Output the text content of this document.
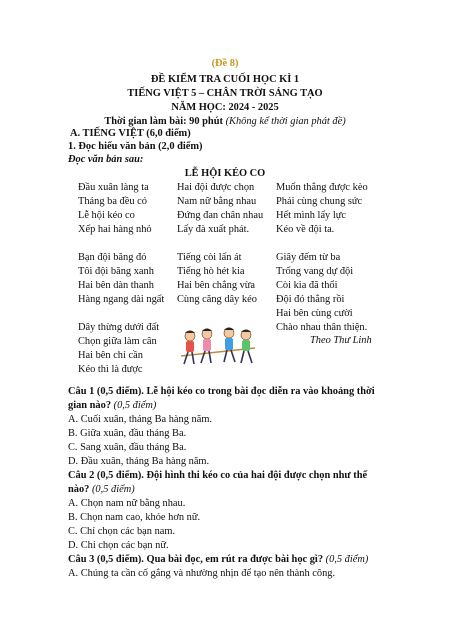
(Đề 8)
ĐỀ KIỂM TRA CUỐI HỌC KÌ 1
TIẾNG VIỆT 5 – CHÂN TRỜI SÁNG TẠO
NĂM HỌC: 2024 - 2025
Thời gian làm bài: 90 phút (Không kể thời gian phát đề)
A. TIẾNG VIỆT (6,0 điểm)
1. Đọc hiểu văn bản (2,0 điểm)
Đọc văn bản sau:
LỄ HỘI KÉO CO
Đầu xuân làng ta
Tháng ba đều có
Lễ hội kéo co
Xếp hai hàng nhỏ
Hai đội được chọn
Nam nữ bằng nhau
Đứng đan chân nhau
Lấy đà xuất phát.
Muốn thắng được kèo
Phải cùng chung sức
Hết mình lấy lực
Kéo về đội ta.
Bạn đội băng đỏ
Tôi đội băng xanh
Hai bên dàn thanh
Hàng ngang dài ngất
Tiếng còi lấn át
Tiếng hò hét kia
Hai bên chẳng vừa
Cùng căng dây kéo
Giây đếm từ ba
Trống vang dự đội
Còi kia đã thổi
Đội đó thắng rồi
Hai bên cùng cười
Chào nhau thân thiện.
Dây thừng dưới đất
Chọn giữa làm cân
Hai bên chỉ cần
Kéo thì là được
Theo Thư Linh
Câu 1 (0,5 điểm). Lễ hội kéo co trong bài đọc diễn ra vào khoảng thời
gian nào? (0,5 điểm)
A. Cuối xuân, tháng Ba hàng năm.
B. Giữa xuân, đầu tháng Ba.
C. Sang xuân, đầu tháng Ba.
D. Đầu xuân, tháng Ba hàng năm.
Câu 2 (0,5 điểm). Đội hình thi kéo co của hai đội được chọn như thế
nào? (0,5 điểm)
A. Chọn nam nữ bằng nhau.
B. Chọn nam cao, khỏe hơn nữ.
C. Chỉ chọn các bạn nam.
D. Chỉ chọn các bạn nữ.
Câu 3 (0,5 điểm). Qua bài đọc, em rút ra được bài học gì? (0,5 điểm)
A. Chúng ta cần cố gắng và nhường nhịn để tạo nên thành công.
